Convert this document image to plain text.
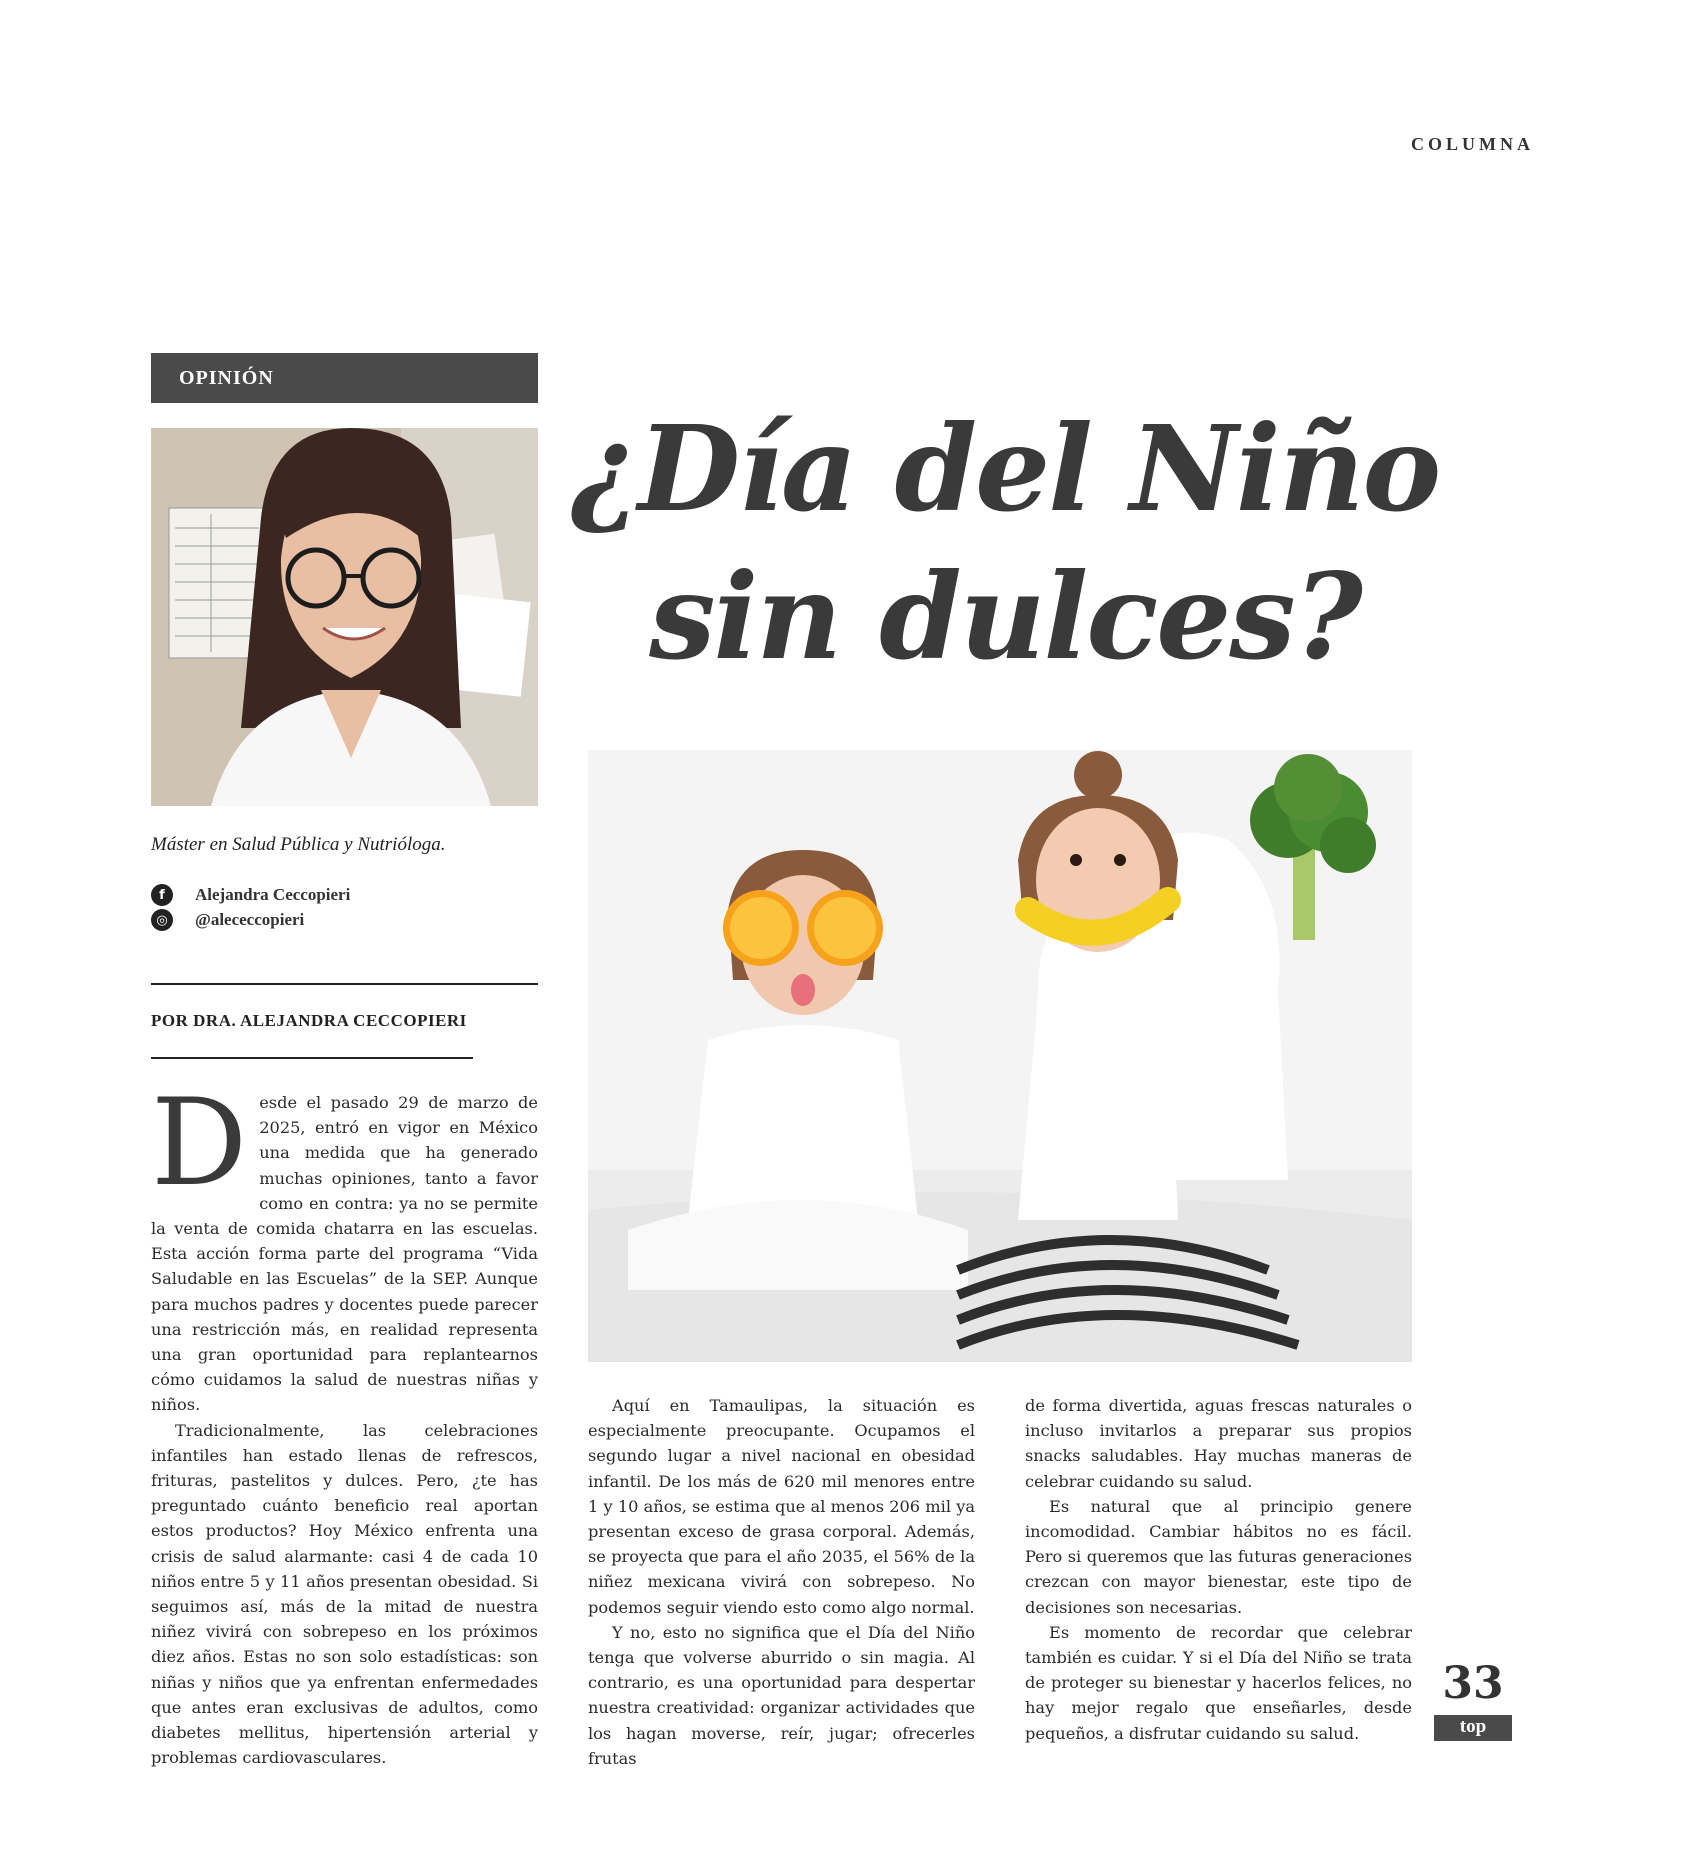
COLUMNA
OPINIÓN
Máster en Salud Pública y Nutrióloga.
f	Alejandra Ceccopieri
◎	@alececcopieri
POR DRA. ALEJANDRA CECCOPIERI
¿Día del Niño
sin dulces?

Desde el pasado 29 de marzo de 2025, entró en vigor en México una medida que ha generado muchas opiniones, tanto a favor como en contra: ya no se permite la venta de comida chatarra en las escuelas. Esta acción forma parte del programa “Vida Saludable en las Escuelas” de la SEP. Aunque para muchos padres y docentes puede parecer una restricción más, en realidad representa una gran oportunidad para replantearnos cómo cuidamos la salud de nuestras niñas y niños.

Tradicionalmente, las celebraciones infantiles han estado llenas de refrescos, frituras, pastelitos y dulces. Pero, ¿te has preguntado cuánto beneficio real aportan estos productos? Hoy México enfrenta una crisis de salud alarmante: casi 4 de cada 10 niños entre 5 y 11 años presentan obesidad. Si seguimos así, más de la mitad de nuestra niñez vivirá con sobrepeso en los próximos diez años. Estas no son solo estadísticas: son niñas y niños que ya enfrentan enfermedades que antes eran exclusivas de adultos, como diabetes mellitus, hipertensión arterial y problemas cardiovasculares.

Aquí en Tamaulipas, la situación es especialmente preocupante. Ocupamos el segundo lugar a nivel nacional en obesidad infantil. De los más de 620 mil menores entre 1 y 10 años, se estima que al menos 206 mil ya presentan exceso de grasa corporal. Además, se proyecta que para el año 2035, el 56% de la niñez mexicana vivirá con sobrepeso. No podemos seguir viendo esto como algo normal.

Y no, esto no significa que el Día del Niño tenga que volverse aburrido o sin magia. Al contrario, es una oportunidad para despertar nuestra creatividad: organizar actividades que los hagan moverse, reír, jugar; ofrecerles frutas

de forma divertida, aguas frescas naturales o incluso invitarlos a preparar sus propios snacks saludables. Hay muchas maneras de celebrar cuidando su salud.

Es natural que al principio genere incomodidad. Cambiar hábitos no es fácil. Pero si queremos que las futuras generaciones crezcan con mayor bienestar, este tipo de decisiones son necesarias.

Es momento de recordar que celebrar también es cuidar. Y si el Día del Niño se trata de proteger su bienestar y hacerlos felices, no hay mejor regalo que enseñarles, desde pequeños, a disfrutar cuidando su salud.

33
top
